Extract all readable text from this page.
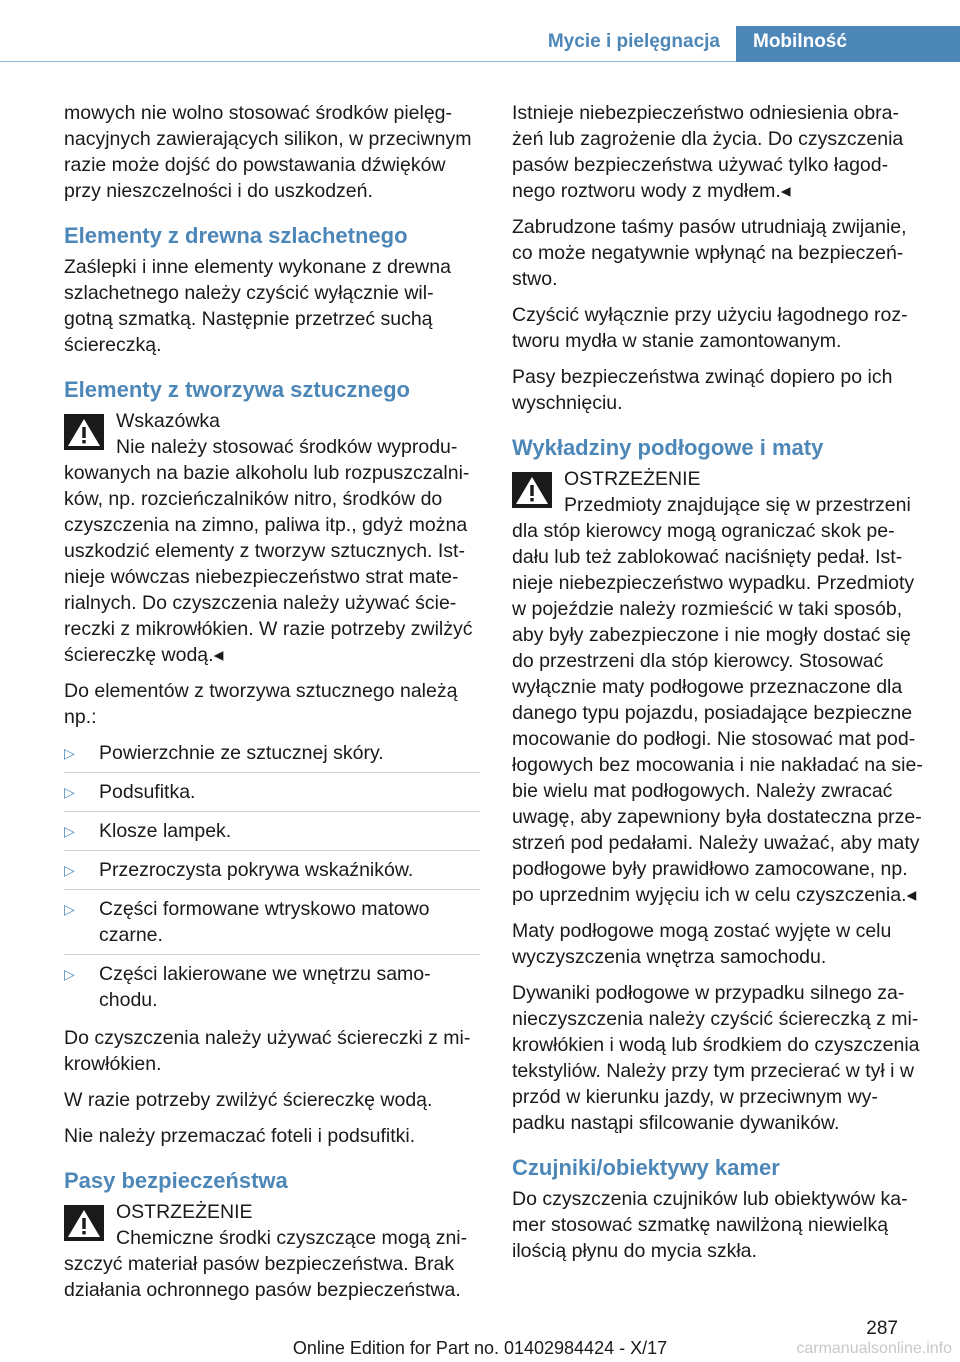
Mycie i pielęgnacja Mobilność

mowych nie wolno stosować środków pielęg‐nacyjnych zawierających silikon, w przeciwnym razie może dojść do powstawania dźwięków przy nieszczelności i do uszkodzeń.

Elementy z drewna szlachetnego

Zaślepki i inne elementy wykonane z drewna szlachetnego należy czyścić wyłącznie wil‐gotną szmatką. Następnie przetrzeć suchą ściereczką.

Elementy z tworzywa sztucznego
Wskazówka
Nie należy stosować środków wyprodu‐
kowanych na bazie alkoholu lub rozpuszczalni‐ków, np. rozcieńczalników nitro, środków do czyszczenia na zimno, paliwa itp., gdyż można uszkodzić elementy z tworzyw sztucznych. Ist‐nieje wówczas niebezpieczeństwo strat mate‐rialnych. Do czyszczenia należy używać ście‐reczki z mikrowłókien. W razie potrzeby zwilżyć ściereczkę wodą.◂

Do elementów z tworzywa sztucznego należą np.:

▷ Powierzchnie ze sztucznej skóry.
▷ Podsufitka.
▷ Klosze lampek.
▷ Przezroczysta pokrywa wskaźników.
▷ Części formowane wtryskowo matowo czarne.
▷ Części lakierowane we wnętrzu samo‐chodu.

Do czyszczenia należy używać ściereczki z mi‐krowłókien.

W razie potrzeby zwilżyć ściereczkę wodą.

Nie należy przemaczać foteli i podsufitki.

Pasy bezpieczeństwa
OSTRZEŻENIE
Chemiczne środki czyszczące mogą zni‐
szczyć materiał pasów bezpieczeństwa. Brak działania ochronnego pasów bezpieczeństwa.

Istnieje niebezpieczeństwo odniesienia obra‐żeń lub zagrożenie dla życia. Do czyszczenia pasów bezpieczeństwa używać tylko łagod‐nego roztworu wody z mydłem.◂

Zabrudzone taśmy pasów utrudniają zwijanie, co może negatywnie wpłynąć na bezpieczeń‐stwo.

Czyścić wyłącznie przy użyciu łagodnego roz‐tworu mydła w stanie zamontowanym.

Pasy bezpieczeństwa zwinąć dopiero po ich wyschnięciu.

Wykładziny podłogowe i maty
OSTRZEŻENIE
Przedmioty znajdujące się w przestrzeni
dla stóp kierowcy mogą ograniczać skok pe‐dału lub też zablokować naciśnięty pedał. Ist‐nieje niebezpieczeństwo wypadku. Przedmioty w pojeździe należy rozmieścić w taki sposób, aby były zabezpieczone i nie mogły dostać się do przestrzeni dla stóp kierowcy. Stosować wyłącznie maty podłogowe przeznaczone dla danego typu pojazdu, posiadające bezpieczne mocowanie do podłogi. Nie stosować mat pod‐łogowych bez mocowania i nie nakładać na sie‐bie wielu mat podłogowych. Należy zwracać uwagę, aby zapewniony była dostateczna prze‐strzeń pod pedałami. Należy uważać, aby maty podłogowe były prawidłowo zamocowane, np. po uprzednim wyjęciu ich w celu czyszczenia.◂

Maty podłogowe mogą zostać wyjęte w celu wyczyszczenia wnętrza samochodu.

Dywaniki podłogowe w przypadku silnego za‐nieczyszczenia należy czyścić ściereczką z mi‐krowłókien i wodą lub środkiem do czyszczenia tekstyliów. Należy przy tym przecierać w tył i w przód w kierunku jazdy, w przeciwnym wy‐padku nastąpi sfilcowanie dywaników.

Czujniki/obiektywy kamer

Do czyszczenia czujników lub obiektywów ka‐mer stosować szmatkę nawilżoną niewielką ilością płynu do mycia szkła.

287
Online Edition for Part no. 01402984424 - X/17	carmanualsonline.info
